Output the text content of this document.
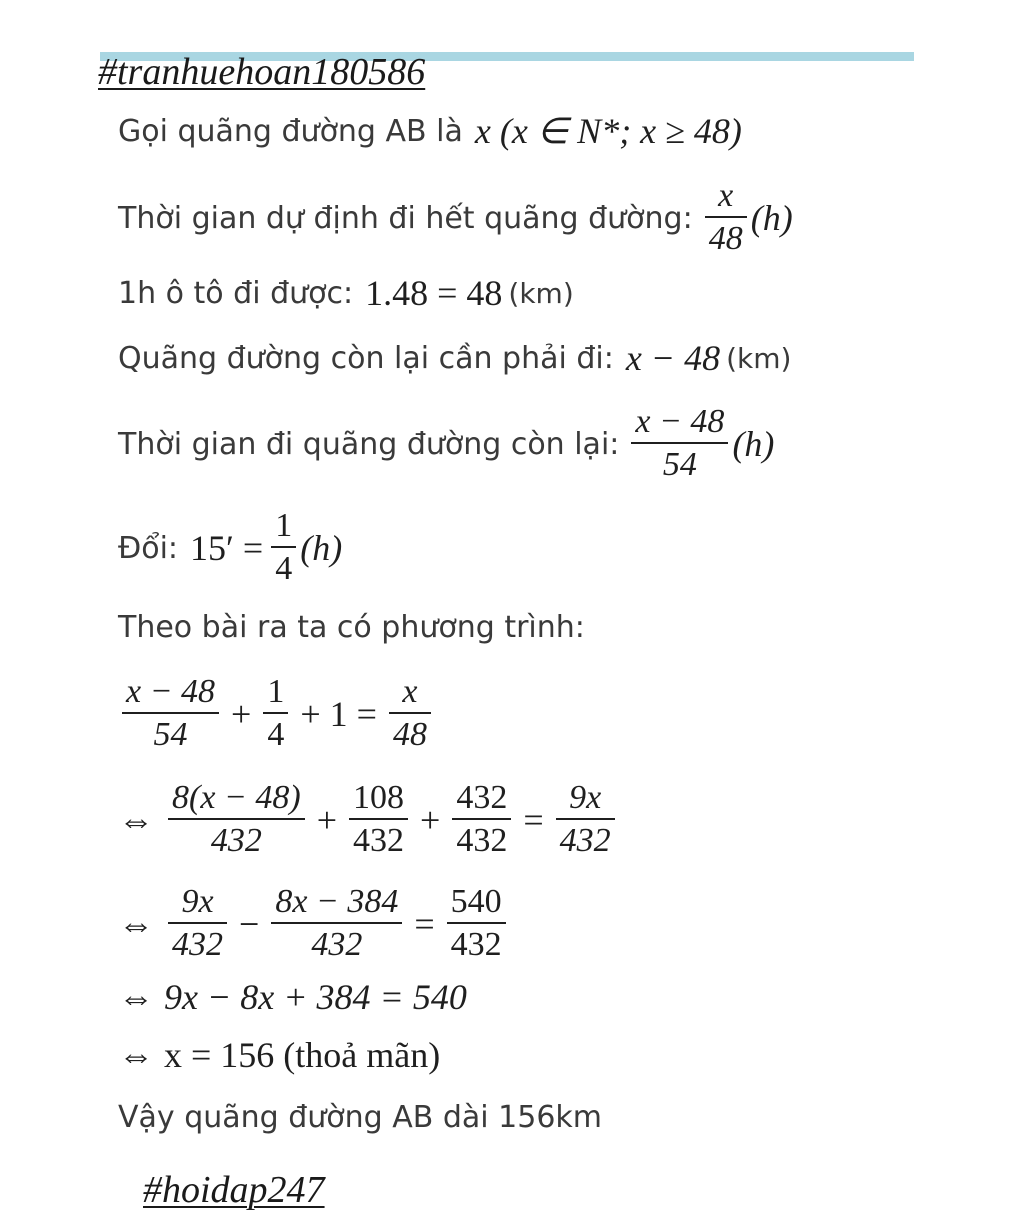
#tranhuehoan180586
Gọi quãng đường AB là x (x ∈ N*; x ≥ 48)
Thời gian dự định đi hết quãng đường: $\frac{x}{48} (h)$
1h ô tô đi được: 1.48 = 48 (km)
Quãng đường còn lại cần phải đi: x − 48 (km)
Thời gian đi quãng đường còn lại: $\frac{x - 48}{54} (h)$
Đổi: $15' = \frac{1}{4} (h)$
Theo bài ra ta có phương trình:
$\frac{x - 48}{54} + \frac{1}{4} + 1 = \frac{x}{48}$
⇔ $\frac{8(x - 48)}{432} + \frac{108}{432} + \frac{432}{432} = \frac{9x}{432}$
⇔ $\frac{9x}{432} - \frac{8x - 384}{432} = \frac{540}{432}$
⇔ 9x − 8x + 384 = 540
⇔ x = 156 (thoả mãn)
Vậy quãng đường AB dài 156km
#hoidap247
